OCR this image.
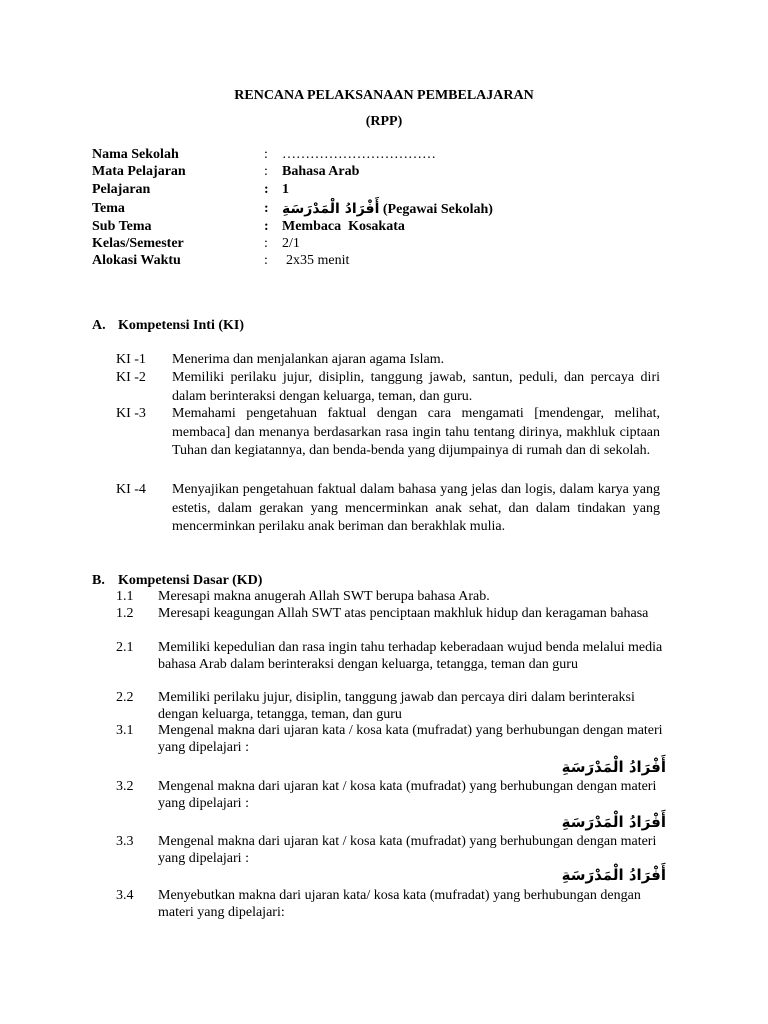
RENCANA PELAKSANAAN PEMBELAJARAN
(RPP)
Nama Sekolah	: ……………………………
Mata Pelajaran	: Bahasa Arab
Pelajaran	: 1
Tema	: أَفْرَادُ الْمَدْرَسَةِ (Pegawai Sekolah)
Sub Tema	: Membaca  Kosakata
Kelas/Semester	: 2/1
Alokasi Waktu	: 2x35 menit
A. Kompetensi Inti (KI)
KI -1	Menerima dan menjalankan ajaran agama Islam.
KI -2	Memiliki perilaku jujur, disiplin, tanggung jawab, santun, peduli, dan percaya diri dalam berinteraksi dengan keluarga, teman, dan guru.
KI -3	Memahami pengetahuan faktual dengan cara mengamati [mendengar, melihat, membaca] dan menanya berdasarkan rasa ingin tahu tentang dirinya, makhluk ciptaan Tuhan dan kegiatannya, dan benda-benda yang dijumpainya di rumah dan di sekolah.
KI -4	Menyajikan pengetahuan faktual dalam bahasa yang jelas dan logis, dalam karya yang estetis, dalam gerakan yang mencerminkan anak sehat, dan dalam tindakan yang mencerminkan perilaku anak beriman dan berakhlak mulia.
B. Kompetensi Dasar (KD)
1.1	Meresapi makna anugerah Allah SWT berupa bahasa Arab.
1.2	Meresapi keagungan Allah SWT atas penciptaan makhluk hidup dan keragaman bahasa
2.1	Memiliki kepedulian dan rasa ingin tahu terhadap keberadaan wujud benda melalui media bahasa Arab dalam berinteraksi dengan keluarga, tetangga, teman dan guru
2.2	Memiliki perilaku jujur, disiplin, tanggung jawab dan percaya diri dalam berinteraksi dengan keluarga, tetangga, teman, dan guru
3.1	Mengenal makna dari ujaran kata / kosa kata (mufradat) yang berhubungan dengan materi yang dipelajari :
أَفْرَادُ الْمَدْرَسَةِ
3.2	Mengenal makna dari ujaran kat / kosa kata (mufradat) yang berhubungan dengan materi yang dipelajari :
أَفْرَادُ الْمَدْرَسَةِ
3.3	Mengenal makna dari ujaran kat / kosa kata (mufradat) yang berhubungan dengan materi yang dipelajari :
أَفْرَادُ الْمَدْرَسَةِ
3.4	Menyebutkan makna dari ujaran kata/ kosa kata (mufradat) yang berhubungan dengan materi yang dipelajari:
